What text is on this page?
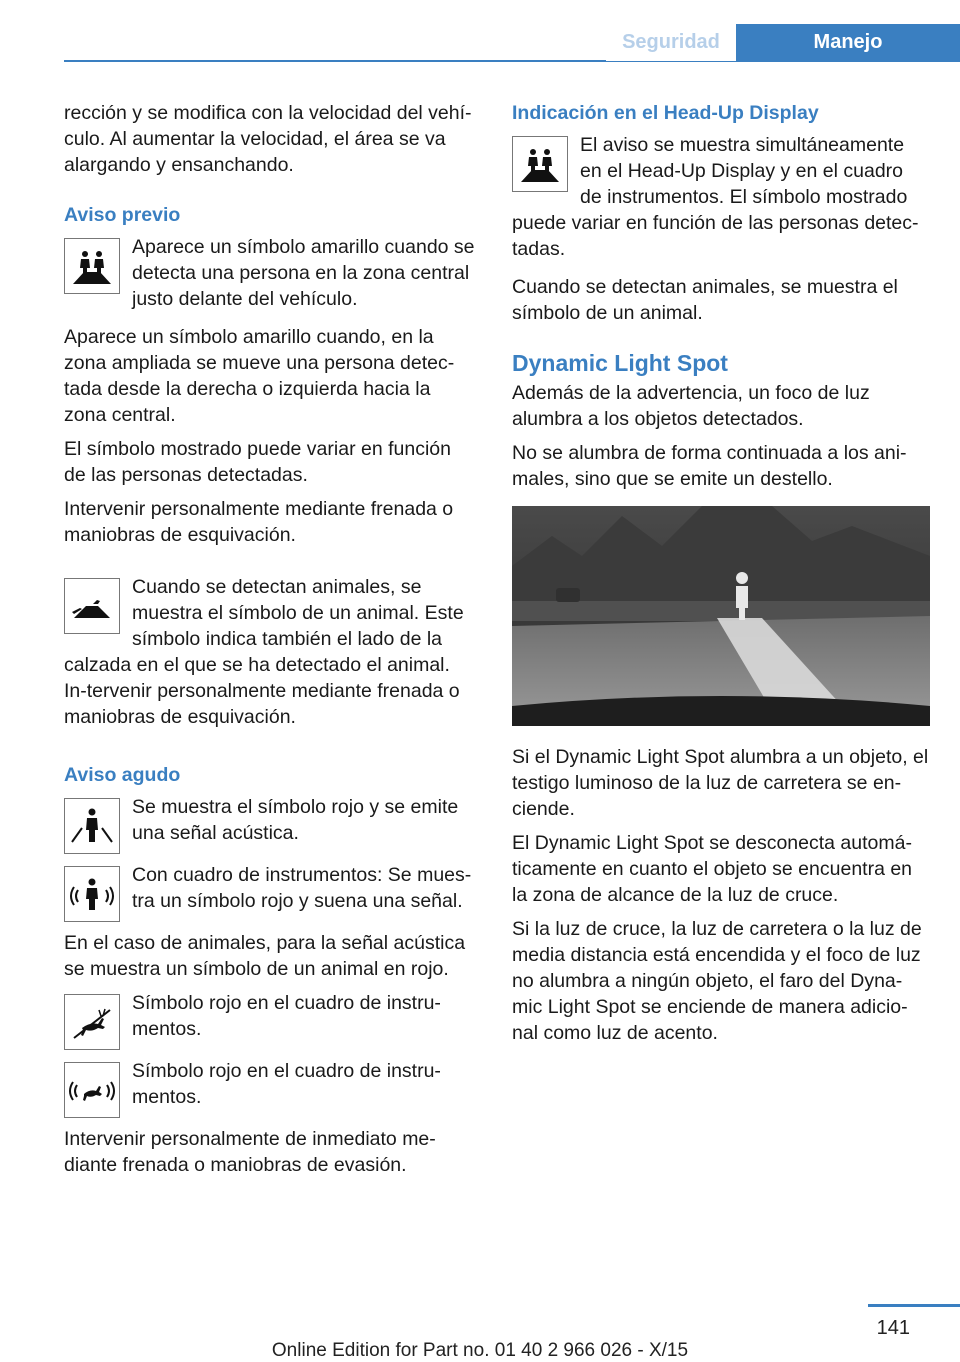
Seguridad	Manejo

rección y se modifica con la velocidad del vehí-culo. Al aumentar la velocidad, el área se va alargando y ensanchando.

Aviso previo

Aparece un símbolo amarillo cuando se detecta una persona en la zona central justo delante del vehículo.

Aparece un símbolo amarillo cuando, en la zona ampliada se mueve una persona detec-tada desde la derecha o izquierda hacia la zona central.

El símbolo mostrado puede variar en función de las personas detectadas.

Intervenir personalmente mediante frenada o maniobras de esquivación.

Cuando se detectan animales, se muestra el símbolo de un animal. Este símbolo indica también el lado de la calzada en el que se ha detectado el animal. In-tervenir personalmente mediante frenada o maniobras de esquivación.

Aviso agudo

Se muestra el símbolo rojo y se emite una señal acústica.

Con cuadro de instrumentos: Se mues-tra un símbolo rojo y suena una señal.

En el caso de animales, para la señal acústica se muestra un símbolo de un animal en rojo.

Símbolo rojo en el cuadro de instru-mentos.

Símbolo rojo en el cuadro de instru-mentos.

Intervenir personalmente de inmediato me-diante frenada o maniobras de evasión.

Indicación en el Head-Up Display

El aviso se muestra simultáneamente en el Head-Up Display y en el cuadro de instrumentos. El símbolo mostrado puede variar en función de las personas detec-tadas.

Cuando se detectan animales, se muestra el símbolo de un animal.

Dynamic Light Spot

Además de la advertencia, un foco de luz alumbra a los objetos detectados.

No se alumbra de forma continuada a los ani-males, sino que se emite un destello.

Si el Dynamic Light Spot alumbra a un objeto, el testigo luminoso de la luz de carretera se en-ciende.

El Dynamic Light Spot se desconecta automá-ticamente en cuanto el objeto se encuentra en la zona de alcance de la luz de cruce.

Si la luz de cruce, la luz de carretera o la luz de media distancia está encendida y el foco de luz no alumbra a ningún objeto, el faro del Dyna-mic Light Spot se enciende de manera adicio-nal como luz de acento.

141
Online Edition for Part no. 01 40 2 966 026 - X/15
